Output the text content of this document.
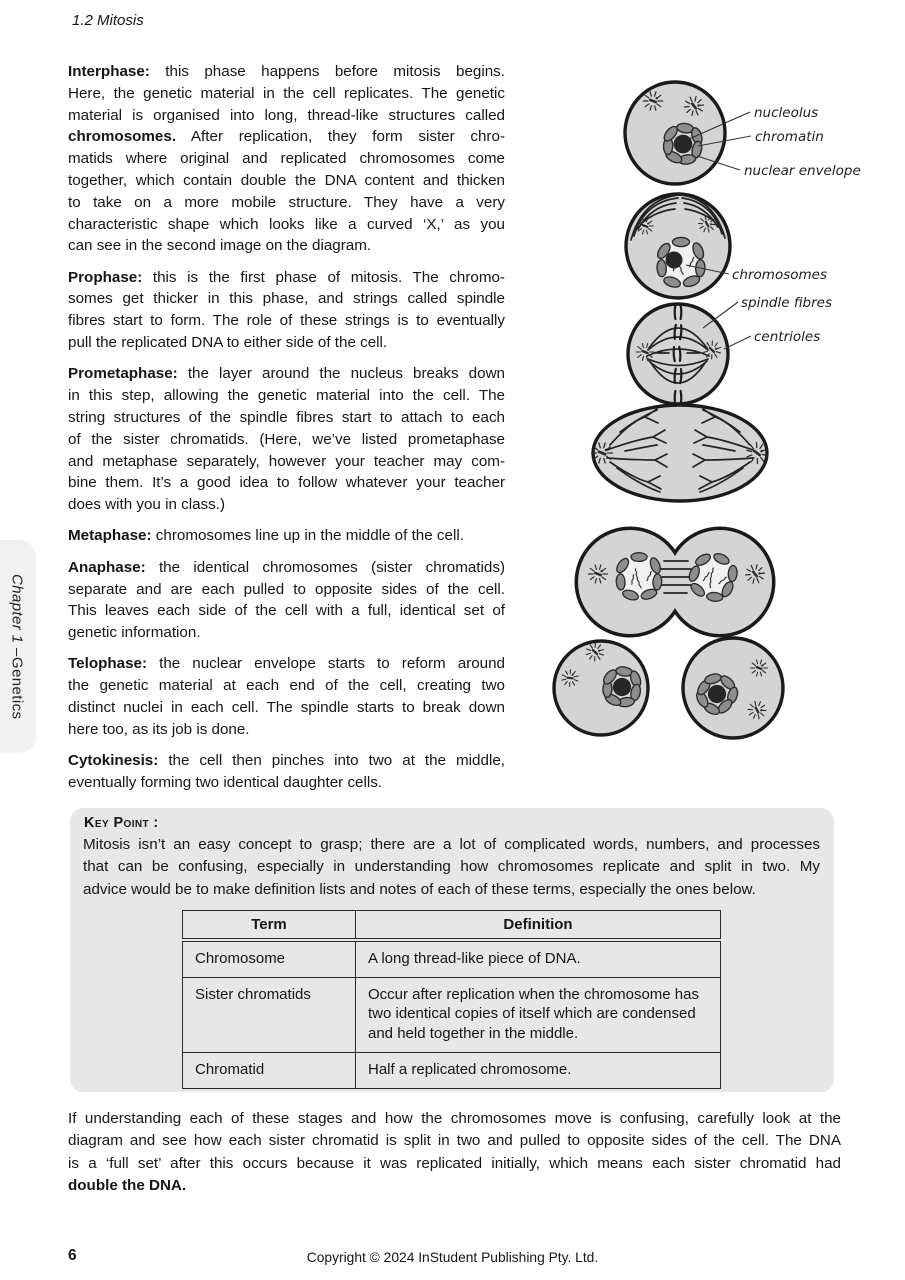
1.2 Mitosis
Chapter 1 –
Genetics
Interphase: this phase happens before mitosis begins.
Here, the genetic material in the cell replicates. The genetic
material is organised into long, thread-like structures called
chromosomes. After replication, they form sister chro-
matids where original and replicated chromosomes come
together, which contain double the DNA content and thicken
to take on a more mobile structure. They have a very
characteristic shape which looks like a curved ‘X,’ as you
can see in the second image on the diagram.
Prophase: this is the first phase of mitosis. The chromo-
somes get thicker in this phase, and strings called spindle
fibres start to form. The role of these strings is to eventually
pull the replicated DNA to either side of the cell.
Prometaphase: the layer around the nucleus breaks down
in this step, allowing the genetic material into the cell. The
string structures of the spindle fibres start to attach to each
of the sister chromatids. (Here, we’ve listed prometaphase
and metaphase separately, however your teacher may com-
bine them. It’s a good idea to follow whatever your teacher
does with you in class.)
Metaphase: chromosomes line up in the middle of the cell.
Anaphase: the identical chromosomes (sister chromatids)
separate and are each pulled to opposite sides of the cell.
This leaves each side of the cell with a full, identical set of
genetic information.
Telophase: the nuclear envelope starts to reform around
the genetic material at each end of the cell, creating two
distinct nuclei in each cell. The spindle starts to break down
here too, as its job is done.
Cytokinesis: the cell then pinches into two at the middle,
eventually forming two identical daughter cells.
nucleolus
chromatin
nuclear envelope
chromosomes
spindle fibres
centrioles
Key Point :
Mitosis isn’t an easy concept to grasp; there are a lot of complicated words, numbers, and processes
that can be confusing, especially in understanding how chromosomes replicate and split in two. My
advice would be to make definition lists and notes of each of these terms, especially the ones below.
Term	Definition
Chromosome	A long thread-like piece of DNA.
Sister chromatids	Occur after replication when the chromosome has two identical copies of itself which are condensed and held together in the middle.
Chromatid	Half a replicated chromosome.
If understanding each of these stages and how the chromosomes move is confusing, carefully look at the
diagram and see how each sister chromatid is split in two and pulled to opposite sides of the cell. The DNA
is a ‘full set’ after this occurs because it was replicated initially, which means each sister chromatid had
double the DNA.
6	Copyright © 2024 InStudent Publishing Pty. Ltd.
